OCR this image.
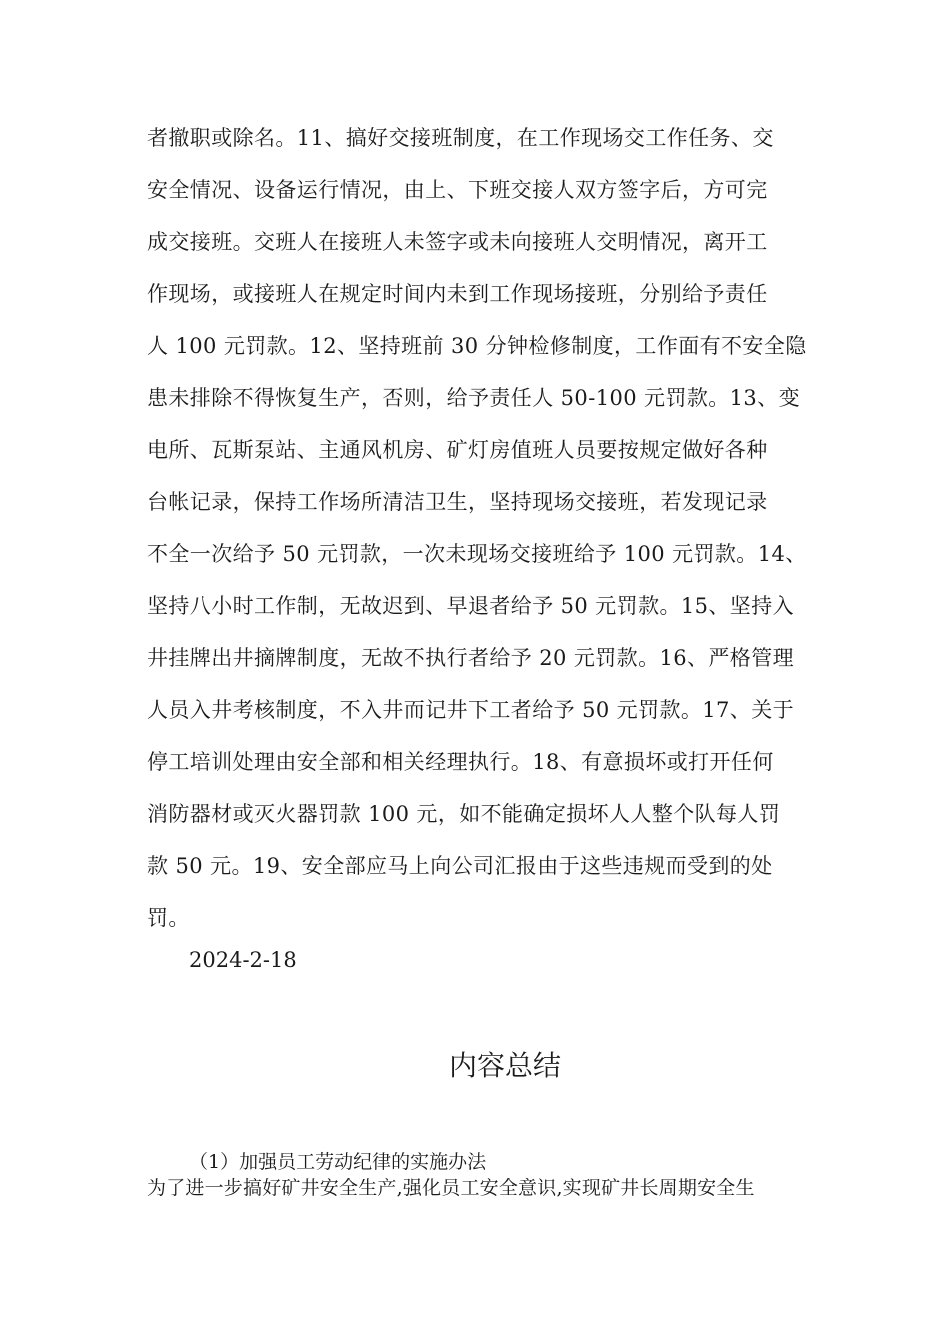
者撤职或除名。11、搞好交接班制度，在工作现场交工作任务、交
安全情况、设备运行情况，由上、下班交接人双方签字后，方可完
成交接班。交班人在接班人未签字或未向接班人交明情况，离开工
作现场，或接班人在规定时间内未到工作现场接班，分别给予责任
人 100 元罚款。12、坚持班前 30 分钟检修制度，工作面有不安全隐
患未排除不得恢复生产，否则，给予责任人 50-100 元罚款。13、变
电所、瓦斯泵站、主通风机房、矿灯房值班人员要按规定做好各种
台帐记录，保持工作场所清洁卫生，坚持现场交接班，若发现记录
不全一次给予 50 元罚款，一次未现场交接班给予 100 元罚款。14、
坚持八小时工作制，无故迟到、早退者给予 50 元罚款。15、坚持入
井挂牌出井摘牌制度，无故不执行者给予 20 元罚款。16、严格管理
人员入井考核制度，不入井而记井下工者给予 50 元罚款。17、关于
停工培训处理由安全部和相关经理执行。18、有意损坏或打开任何
消防器材或灭火器罚款 100 元，如不能确定损坏人人整个队每人罚
款 50 元。19、安全部应马上向公司汇报由于这些违规而受到的处
罚。
2024-2-18
内容总结
（1）加强员工劳动纪律的实施办法
为了进一步搞好矿井安全生产,强化员工安全意识,实现矿井长周期安全生
